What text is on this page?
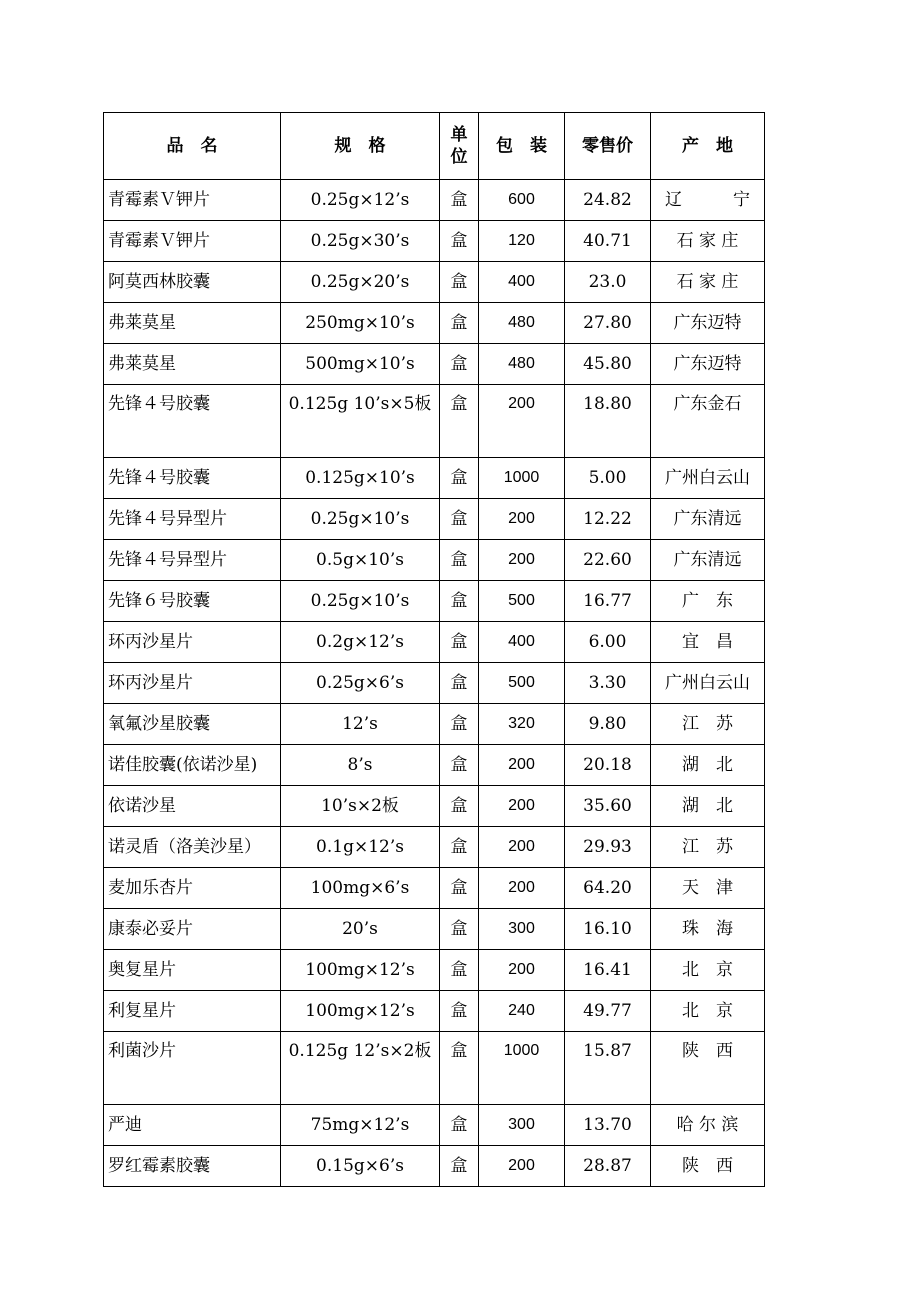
品　名	规　格	单位	包　装	零售价	产　地
青霉素Ｖ钾片	0.25g×12’s	盒	600	24.82	辽　　　宁
青霉素Ｖ钾片	0.25g×30’s	盒	120	40.71	石 家 庄
阿莫西林胶囊	0.25g×20’s	盒	400	23.0	石 家 庄
弗莱莫星	250mg×10’s	盒	480	27.80	广东迈特
弗莱莫星	500mg×10’s	盒	480	45.80	广东迈特
先锋４号胶囊	0.125g 10’s×5板	盒	200	18.80	广东金石
先锋４号胶囊	0.125g×10’s	盒	1000	5.00	广州白云山
先锋４号异型片	0.25g×10’s	盒	200	12.22	广东清远
先锋４号异型片	0.5g×10’s	盒	200	22.60	广东清远
先锋６号胶囊	0.25g×10’s	盒	500	16.77	广　东
环丙沙星片	0.2g×12’s	盒	400	6.00	宜　昌
环丙沙星片	0.25g×6’s	盒	500	3.30	广州白云山
氧氟沙星胶囊	12’s	盒	320	9.80	江　苏
诺佳胶囊(依诺沙星)	8’s	盒	200	20.18	湖　北
依诺沙星	10’s×2板	盒	200	35.60	湖　北
诺灵盾（洛美沙星）	0.1g×12’s	盒	200	29.93	江　苏
麦加乐杏片	100mg×6’s	盒	200	64.20	天　津
康泰必妥片	20’s	盒	300	16.10	珠　海
奥复星片	100mg×12’s	盒	200	16.41	北　京
利复星片	100mg×12’s	盒	240	49.77	北　京
利菌沙片	0.125g 12’s×2板	盒	1000	15.87	陕　西
严迪	75mg×12’s	盒	300	13.70	哈 尔 滨
罗红霉素胶囊	0.15g×6’s	盒	200	28.87	陕　西
